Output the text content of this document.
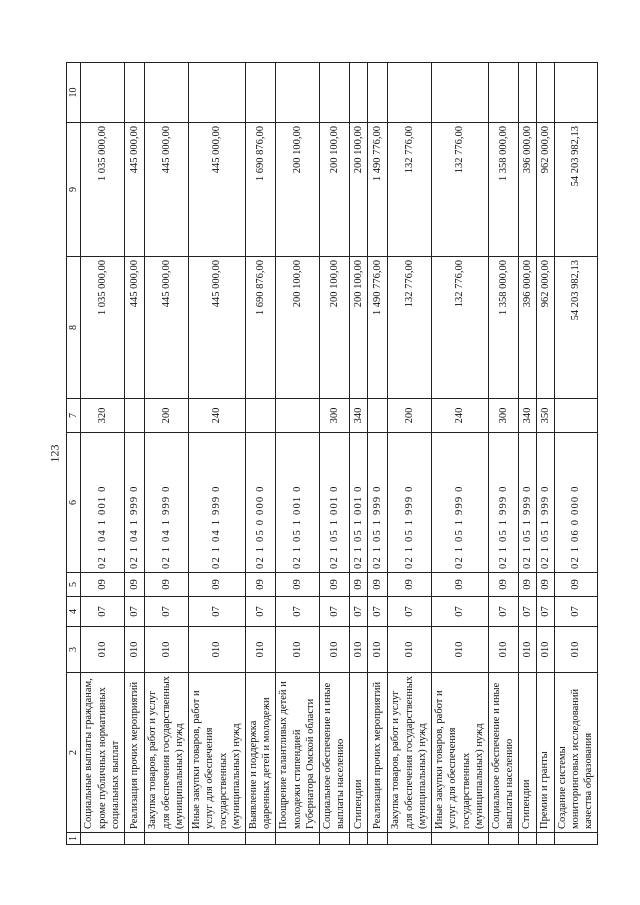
123
1	2	3	4	5	6	7	8	9	10
	Социальные выплаты гражданам, кроме публичных нормативных социальных выплат	010	07	09	02 1 04 1 001 0	320	1 035 000,00	1 035 000,00	
	Реализация прочих мероприятий	010	07	09	02 1 04 1 999 0		445 000,00	445 000,00	
	Закупка товаров, работ и услуг для обеспечения государственных (муниципальных) нужд	010	07	09	02 1 04 1 999 0	200	445 000,00	445 000,00	
	Иные закупки товаров, работ и услуг для обеспечения государственных (муниципальных) нужд	010	07	09	02 1 04 1 999 0	240	445 000,00	445 000,00	
	Выявление и поддержка одаренных детей и молодежи	010	07	09	02 1 05 0 000 0		1 690 876,00	1 690 876,00	
	Поощрение талантливых детей и молодежи стипендией Губернатора Омской области	010	07	09	02 1 05 1 001 0		200 100,00	200 100,00	
	Социальное обеспечение и иные выплаты населению	010	07	09	02 1 05 1 001 0	300	200 100,00	200 100,00	
	Стипендии	010	07	09	02 1 05 1 001 0	340	200 100,00	200 100,00	
	Реализация прочих мероприятий	010	07	09	02 1 05 1 999 0		1 490 776,00	1 490 776,00	
	Закупка товаров, работ и услуг для обеспечения государственных (муниципальных) нужд	010	07	09	02 1 05 1 999 0	200	132 776,00	132 776,00	
	Иные закупки товаров, работ и услуг для обеспечения государственных (муниципальных) нужд	010	07	09	02 1 05 1 999 0	240	132 776,00	132 776,00	
	Социальное обеспечение и иные выплаты населению	010	07	09	02 1 05 1 999 0	300	1 358 000,00	1 358 000,00	
	Стипендии	010	07	09	02 1 05 1 999 0	340	396 000,00	396 000,00	
	Премии и гранты	010	07	09	02 1 05 1 999 0	350	962 000,00	962 000,00	
	Создание системы мониторинговых исследований качества образования	010	07	09	02 1 06 0 000 0		54 203 982,13	54 203 982,13	
